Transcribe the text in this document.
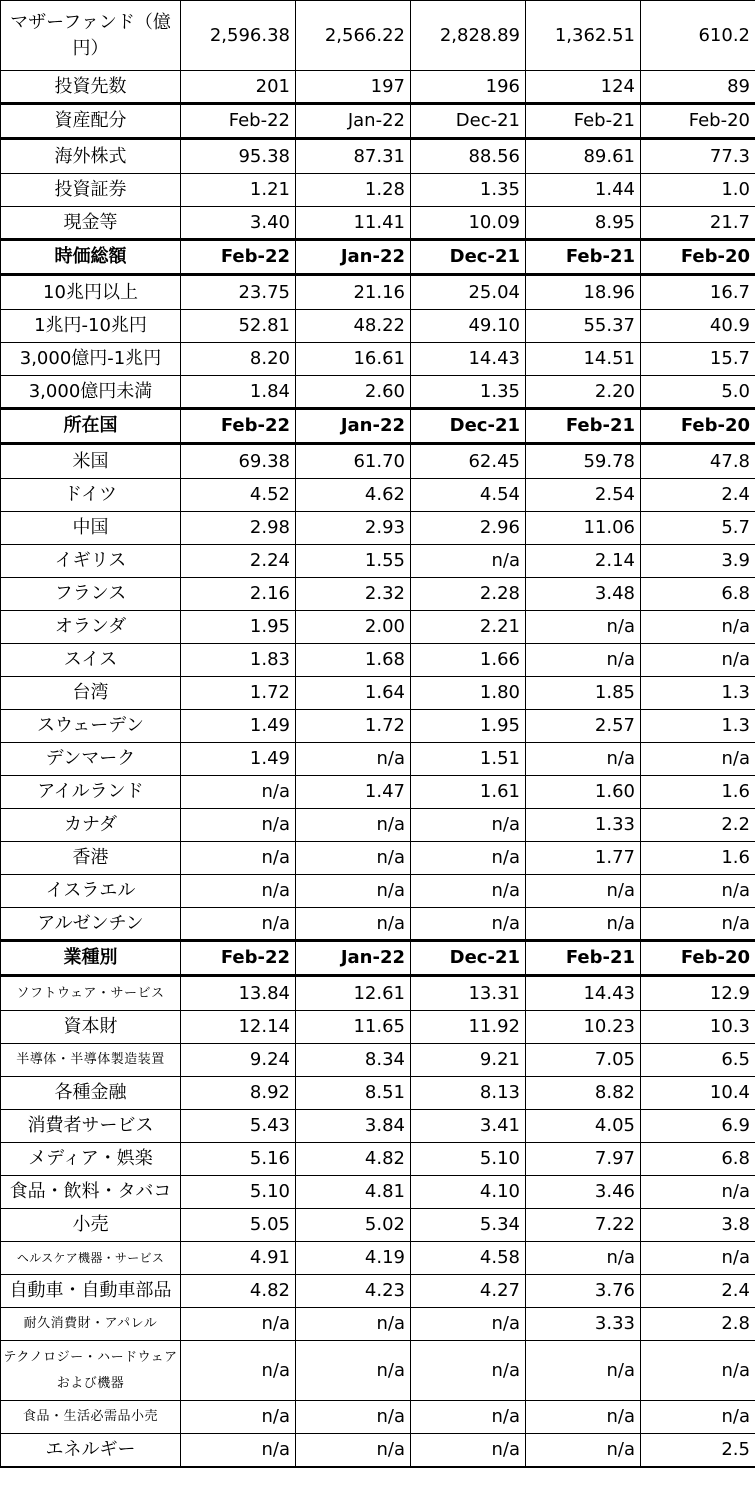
マザーファンド（億円）	2,596.38	2,566.22	2,828.89	1,362.51	610.2
投資先数	201	197	196	124	89
資産配分	Feb-22	Jan-22	Dec-21	Feb-21	Feb-20
海外株式	95.38	87.31	88.56	89.61	77.3
投資証券	1.21	1.28	1.35	1.44	1.0
現金等	3.40	11.41	10.09	8.95	21.7
時価総額	Feb-22	Jan-22	Dec-21	Feb-21	Feb-20
10兆円以上	23.75	21.16	25.04	18.96	16.7
1兆円-10兆円	52.81	48.22	49.10	55.37	40.9
3,000億円-1兆円	8.20	16.61	14.43	14.51	15.7
3,000億円未満	1.84	2.60	1.35	2.20	5.0
所在国	Feb-22	Jan-22	Dec-21	Feb-21	Feb-20
米国	69.38	61.70	62.45	59.78	47.8
ドイツ	4.52	4.62	4.54	2.54	2.4
中国	2.98	2.93	2.96	11.06	5.7
イギリス	2.24	1.55	n/a	2.14	3.9
フランス	2.16	2.32	2.28	3.48	6.8
オランダ	1.95	2.00	2.21	n/a	n/a
スイス	1.83	1.68	1.66	n/a	n/a
台湾	1.72	1.64	1.80	1.85	1.3
スウェーデン	1.49	1.72	1.95	2.57	1.3
デンマーク	1.49	n/a	1.51	n/a	n/a
アイルランド	n/a	1.47	1.61	1.60	1.6
カナダ	n/a	n/a	n/a	1.33	2.2
香港	n/a	n/a	n/a	1.77	1.6
イスラエル	n/a	n/a	n/a	n/a	n/a
アルゼンチン	n/a	n/a	n/a	n/a	n/a
業種別	Feb-22	Jan-22	Dec-21	Feb-21	Feb-20
ソフトウェア・サービス	13.84	12.61	13.31	14.43	12.9
資本財	12.14	11.65	11.92	10.23	10.3
半導体・半導体製造装置	9.24	8.34	9.21	7.05	6.5
各種金融	8.92	8.51	8.13	8.82	10.4
消費者サービス	5.43	3.84	3.41	4.05	6.9
メディア・娯楽	5.16	4.82	5.10	7.97	6.8
食品・飲料・タバコ	5.10	4.81	4.10	3.46	n/a
小売	5.05	5.02	5.34	7.22	3.8
ヘルスケア機器・サービス	4.91	4.19	4.58	n/a	n/a
自動車・自動車部品	4.82	4.23	4.27	3.76	2.4
耐久消費財・アパレル	n/a	n/a	n/a	3.33	2.8
テクノロジー・ハードウェアおよび機器	n/a	n/a	n/a	n/a	n/a
食品・生活必需品小売	n/a	n/a	n/a	n/a	n/a
エネルギー	n/a	n/a	n/a	n/a	2.5
